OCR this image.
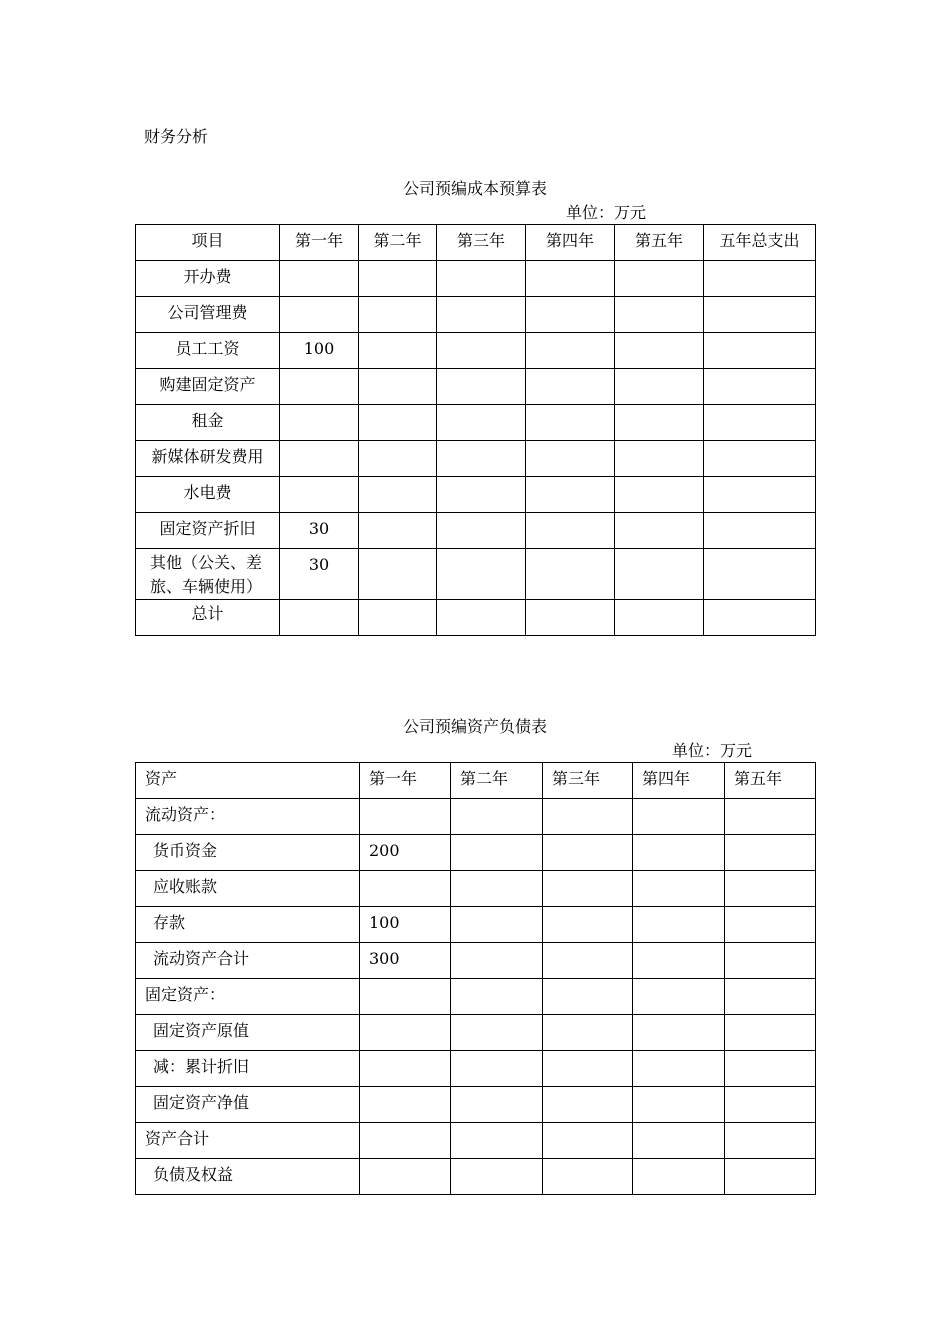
财务分析
公司预编成本预算表
单位：万元
项目	第一年	第二年	第三年	第四年	第五年	五年总支出

开办费						

公司管理费						

员工工资	100					

购建固定资产						

租金						

新媒体研发费用						

水电费						

固定资产折旧	30					

其他（公关、差旅、车辆使用）	30					

总计						

公司预编资产负债表
单位：万元
资产	第一年	第二年	第三年	第四年	第五年

流动资产：					

货币资金	200				

应收账款					

存款	100				

流动资产合计	300				

固定资产：					

固定资产原值					

减：累计折旧					

固定资产净值					

资产合计					

负债及权益					
